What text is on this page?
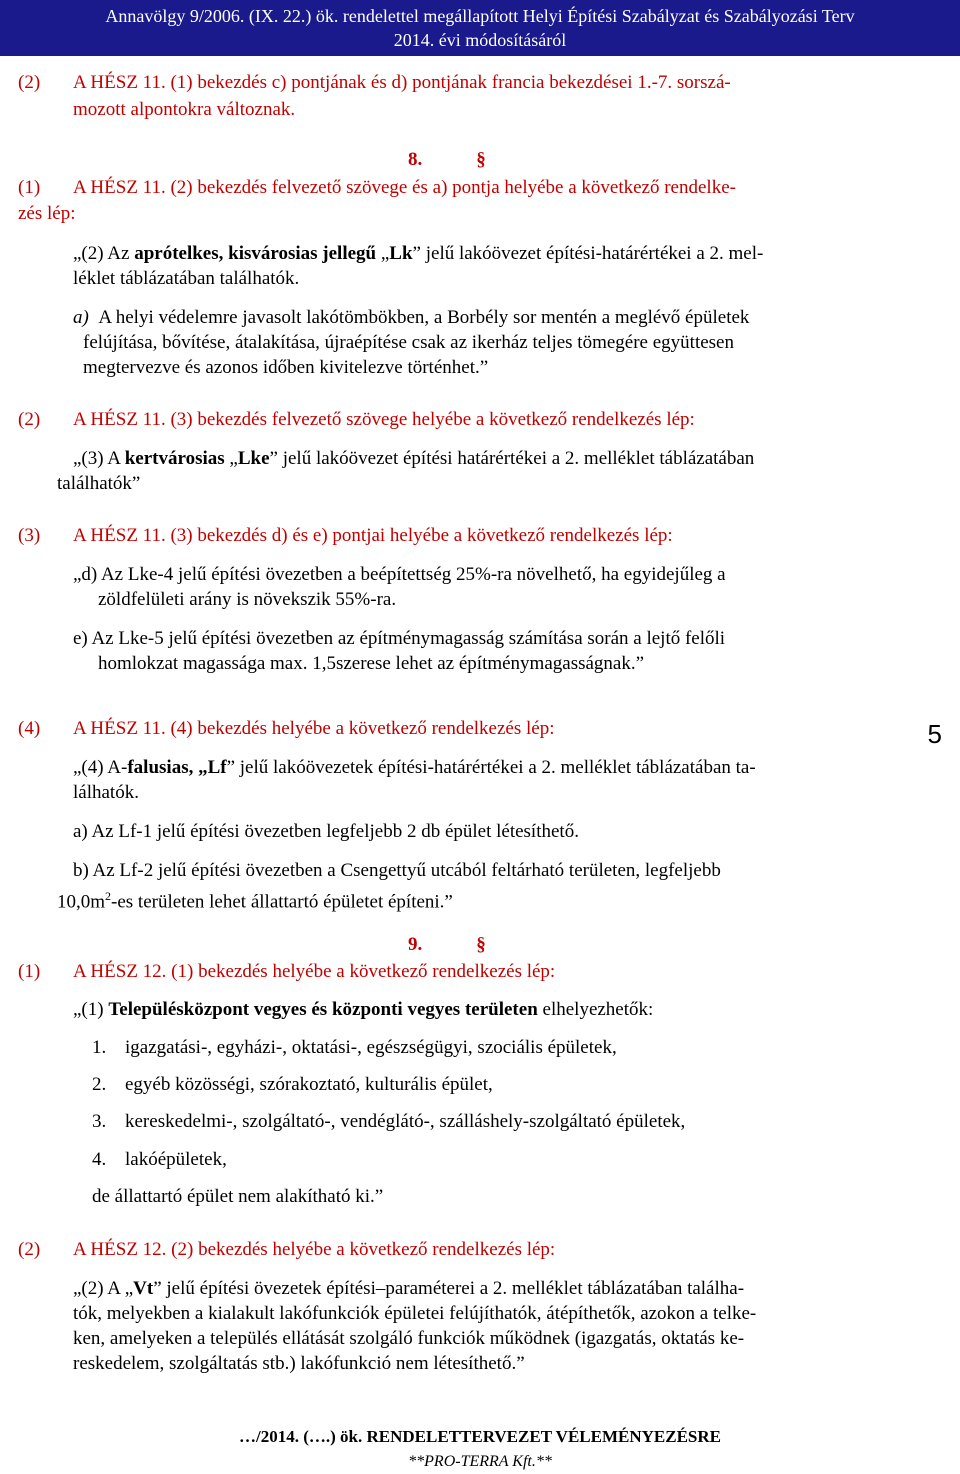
Annavölgy 9/2006. (IX. 22.) ök. rendelettel megállapított Helyi Építési Szabályzat és Szabályozási Terv
2014. évi módosításáról
(2) A HÉSZ 11. (1) bekezdés c) pontjának és d) pontjának francia bekezdései 1.-7. sorszá-
mozott alpontokra változnak.
8.	§
(1) A HÉSZ 11. (2) bekezdés felvezető szövege és a) pontja helyébe a következő rendelke-
zés lép:
„(2) Az aprótelkes, kisvárosias jellegű „Lk” jelű lakóövezet építési-határértékei a 2. mel-
léklet táblázatában találhatók.
a) A helyi védelemre javasolt lakótömbökben, a Borbély sor mentén a meglévő épületek
felújítása, bővítése, átalakítása, újraépítése csak az ikerház teljes tömegére együttesen
megtervezve és azonos időben kivitelezve történhet.”
(2) A HÉSZ 11. (3) bekezdés felvezető szövege helyébe a következő rendelkezés lép:
„(3) A kertvárosias „Lke” jelű lakóövezet építési határértékei a 2. melléklet táblázatában
találhatók”
(3) A HÉSZ 11. (3) bekezdés d) és e) pontjai helyébe a következő rendelkezés lép:
„d) Az Lke-4 jelű építési övezetben a beépítettség 25%-ra növelhető, ha egyidejűleg a
zöldfelületi arány is növekszik 55%-ra.
e) Az Lke-5 jelű építési övezetben az építménymagasság számítása során a lejtő felőli
homlokzat magassága max. 1,5szerese lehet az építménymagasságnak.”
(4) A HÉSZ 11. (4) bekezdés helyébe a következő rendelkezés lép:
„(4) A-falusias, „Lf” jelű lakóövezetek építési-határértékei a 2. melléklet táblázatában ta-
lálhatók.
a) Az Lf-1 jelű építési övezetben legfeljebb 2 db épület létesíthető.
b) Az Lf-2 jelű építési övezetben a Csengettyű utcából feltárható területen, legfeljebb
$10,0m^2-es$ területen lehet állattartó épületet építeni.”
5
9.	§
(1) A HÉSZ 12. (1) bekezdés helyébe a következő rendelkezés lép:
„(1) Településközpont vegyes és központi vegyes területen elhelyezhetők:
1. igazgatási-, egyházi-, oktatási-, egészségügyi, szociális épületek,
2. egyéb közösségi, szórakoztató, kulturális épület,
3. kereskedelmi-, szolgáltató-, vendéglátó-, szálláshely-szolgáltató épületek,
4. lakóépületek,
de állattartó épület nem alakítható ki.”
(2) A HÉSZ 12. (2) bekezdés helyébe a következő rendelkezés lép:
„(2) A „Vt” jelű építési övezetek építési–paraméterei a 2. melléklet táblázatában találha-
tók, melyekben a kialakult lakófunkciók épületei felújíthatók, átépíthetők, azokon a telke-
ken, amelyeken a település ellátását szolgáló funkciók működnek (igazgatás, oktatás ke-
reskedelem, szolgáltatás stb.) lakófunkció nem létesíthető.”
…/2014. (….) ök. RENDELETTERVEZET VÉLEMÉNYEZÉSRE
**PRO-TERRA Kft.**
